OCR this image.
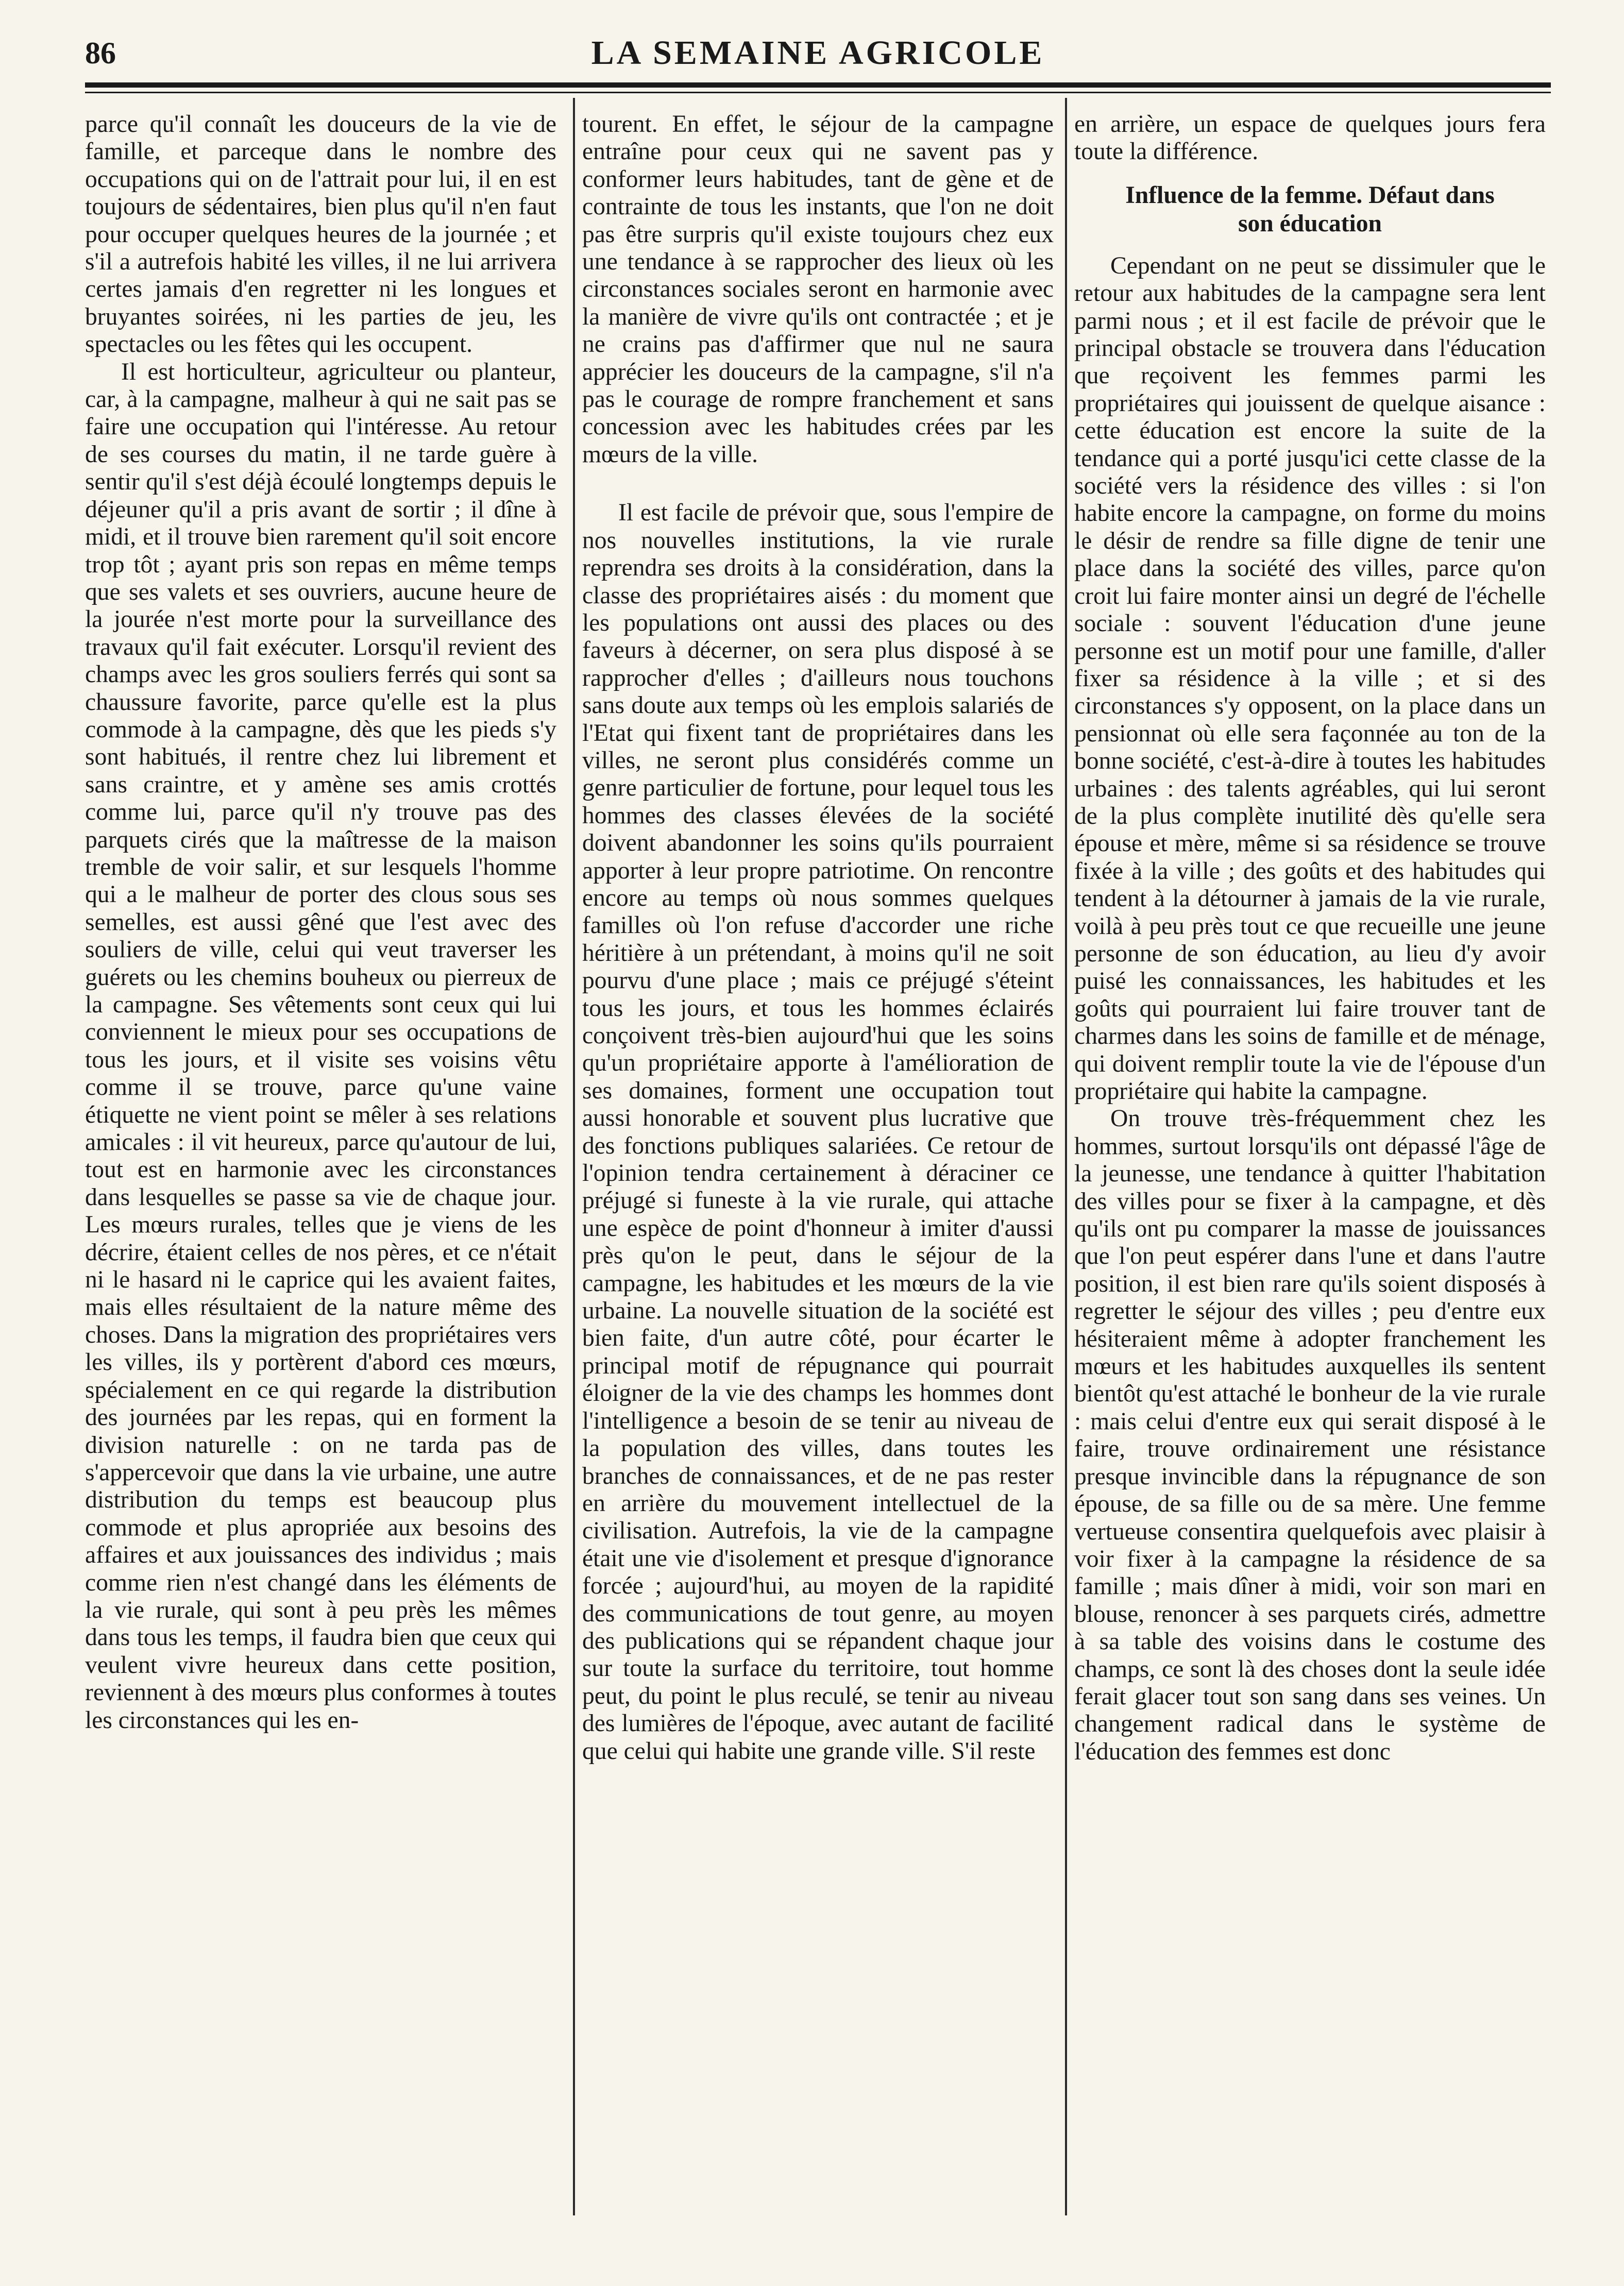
86	LA SEMAINE AGRICOLE

parce qu'il connaît les douceurs de la vie de famille, et parceque dans le nombre des occupations qui on de l'attrait pour lui, il en est toujours de sédentaires, bien plus qu'il n'en faut pour occuper quelques heures de la journée ; et s'il a autrefois habité les villes, il ne lui arrivera certes jamais d'en regretter ni les longues et bruyantes soirées, ni les parties de jeu, les spectacles ou les fêtes qui les occupent.

Il est horticulteur, agriculteur ou planteur, car, à la campagne, malheur à qui ne sait pas se faire une occupation qui l'intéresse. Au retour de ses courses du matin, il ne tarde guère à sentir qu'il s'est déjà écoulé longtemps depuis le déjeuner qu'il a pris avant de sortir ; il dîne à midi, et il trouve bien rarement qu'il soit encore trop tôt ; ayant pris son repas en même temps que ses valets et ses ouvriers, aucune heure de la jourée n'est morte pour la surveillance des travaux qu'il fait exécuter. Lorsqu'il revient des champs avec les gros souliers ferrés qui sont sa chaussure favorite, parce qu'elle est la plus commode à la campagne, dès que les pieds s'y sont habitués, il rentre chez lui librement et sans craintre, et y amène ses amis crottés comme lui, parce qu'il n'y trouve pas des parquets cirés que la maîtresse de la maison tremble de voir salir, et sur lesquels l'homme qui a le malheur de porter des clous sous ses semelles, est aussi gêné que l'est avec des souliers de ville, celui qui veut traverser les guérets ou les chemins bouheux ou pierreux de la campagne. Ses vêtements sont ceux qui lui conviennent le mieux pour ses occupations de tous les jours, et il visite ses voisins vêtu comme il se trouve, parce qu'une vaine étiquette ne vient point se mêler à ses relations amicales : il vit heureux, parce qu'autour de lui, tout est en harmonie avec les circonstances dans lesquelles se passe sa vie de chaque jour. Les mœurs rurales, telles que je viens de les décrire, étaient celles de nos pères, et ce n'était ni le hasard ni le caprice qui les avaient faites, mais elles résultaient de la nature même des choses. Dans la migration des propriétaires vers les villes, ils y portèrent d'abord ces mœurs, spécialement en ce qui regarde la distribution des journées par les repas, qui en forment la division naturelle : on ne tarda pas de s'appercevoir que dans la vie urbaine, une autre distribution du temps est beaucoup plus commode et plus apropriée aux besoins des affaires et aux jouissances des individus ; mais comme rien n'est changé dans les éléments de la vie rurale, qui sont à peu près les mêmes dans tous les temps, il faudra bien que ceux qui veulent vivre heureux dans cette position, reviennent à des mœurs plus conformes à toutes les circonstances qui les en-

tourent. En effet, le séjour de la campagne entraîne pour ceux qui ne savent pas y conformer leurs habitudes, tant de gène et de contrainte de tous les instants, que l'on ne doit pas être surpris qu'il existe toujours chez eux une tendance à se rapprocher des lieux où les circonstances sociales seront en harmonie avec la manière de vivre qu'ils ont contractée ; et je ne crains pas d'affirmer que nul ne saura apprécier les douceurs de la campagne, s'il n'a pas le courage de rompre franchement et sans concession avec les habitudes crées par les mœurs de la ville.

Il est facile de prévoir que, sous l'empire de nos nouvelles institutions, la vie rurale reprendra ses droits à la considération, dans la classe des propriétaires aisés : du moment que les populations ont aussi des places ou des faveurs à décerner, on sera plus disposé à se rapprocher d'elles ; d'ailleurs nous touchons sans doute aux temps où les emplois salariés de l'Etat qui fixent tant de propriétaires dans les villes, ne seront plus considérés comme un genre particulier de fortune, pour lequel tous les hommes des classes élevées de la société doivent abandonner les soins qu'ils pourraient apporter à leur propre patriotime. On rencontre encore au temps où nous sommes quelques familles où l'on refuse d'accorder une riche héritière à un prétendant, à moins qu'il ne soit pourvu d'une place ; mais ce préjugé s'éteint tous les jours, et tous les hommes éclairés conçoivent très-bien aujourd'hui que les soins qu'un propriétaire apporte à l'amélioration de ses domaines, forment une occupation tout aussi honorable et souvent plus lucrative que des fonctions publiques salariées. Ce retour de l'opinion tendra certainement à déraciner ce préjugé si funeste à la vie rurale, qui attache une espèce de point d'honneur à imiter d'aussi près qu'on le peut, dans le séjour de la campagne, les habitudes et les mœurs de la vie urbaine. La nouvelle situation de la société est bien faite, d'un autre côté, pour écarter le principal motif de répugnance qui pourrait éloigner de la vie des champs les hommes dont l'intelligence a besoin de se tenir au niveau de la population des villes, dans toutes les branches de connaissances, et de ne pas rester en arrière du mouvement intellectuel de la civilisation. Autrefois, la vie de la campagne était une vie d'isolement et presque d'ignorance forcée ; aujourd'hui, au moyen de la rapidité des communications de tout genre, au moyen des publications qui se répandent chaque jour sur toute la surface du territoire, tout homme peut, du point le plus reculé, se tenir au niveau des lumières de l'époque, avec autant de facilité que celui qui habite une grande ville. S'il reste

en arrière, un espace de quelques jours fera toute la différence.

Influence de la femme. Défaut dans
son éducation

Cependant on ne peut se dissimuler que le retour aux habitudes de la campagne sera lent parmi nous ; et il est facile de prévoir que le principal obstacle se trouvera dans l'éducation que reçoivent les femmes parmi les propriétaires qui jouissent de quelque aisance : cette éducation est encore la suite de la tendance qui a porté jusqu'ici cette classe de la société vers la résidence des villes : si l'on habite encore la campagne, on forme du moins le désir de rendre sa fille digne de tenir une place dans la société des villes, parce qu'on croit lui faire monter ainsi un degré de l'échelle sociale : souvent l'éducation d'une jeune personne est un motif pour une famille, d'aller fixer sa résidence à la ville ; et si des circonstances s'y opposent, on la place dans un pensionnat où elle sera façonnée au ton de la bonne société, c'est-à-dire à toutes les habitudes urbaines : des talents agréables, qui lui seront de la plus complète inutilité dès qu'elle sera épouse et mère, même si sa résidence se trouve fixée à la ville ; des goûts et des habitudes qui tendent à la détourner à jamais de la vie rurale, voilà à peu près tout ce que recueille une jeune personne de son éducation, au lieu d'y avoir puisé les connaissances, les habitudes et les goûts qui pourraient lui faire trouver tant de charmes dans les soins de famille et de ménage, qui doivent remplir toute la vie de l'épouse d'un propriétaire qui habite la campagne.

On trouve très-fréquemment chez les hommes, surtout lorsqu'ils ont dépassé l'âge de la jeunesse, une tendance à quitter l'habitation des villes pour se fixer à la campagne, et dès qu'ils ont pu comparer la masse de jouissances que l'on peut espérer dans l'une et dans l'autre position, il est bien rare qu'ils soient disposés à regretter le séjour des villes ; peu d'entre eux hésiteraient même à adopter franchement les mœurs et les habitudes auxquelles ils sentent bientôt qu'est attaché le bonheur de la vie rurale : mais celui d'entre eux qui serait disposé à le faire, trouve ordinairement une résistance presque invincible dans la répugnance de son épouse, de sa fille ou de sa mère. Une femme vertueuse consentira quelquefois avec plaisir à voir fixer à la campagne la résidence de sa famille ; mais dîner à midi, voir son mari en blouse, renoncer à ses parquets cirés, admettre à sa table des voisins dans le costume des champs, ce sont là des choses dont la seule idée ferait glacer tout son sang dans ses veines. Un changement radical dans le système de l'éducation des femmes est donc
